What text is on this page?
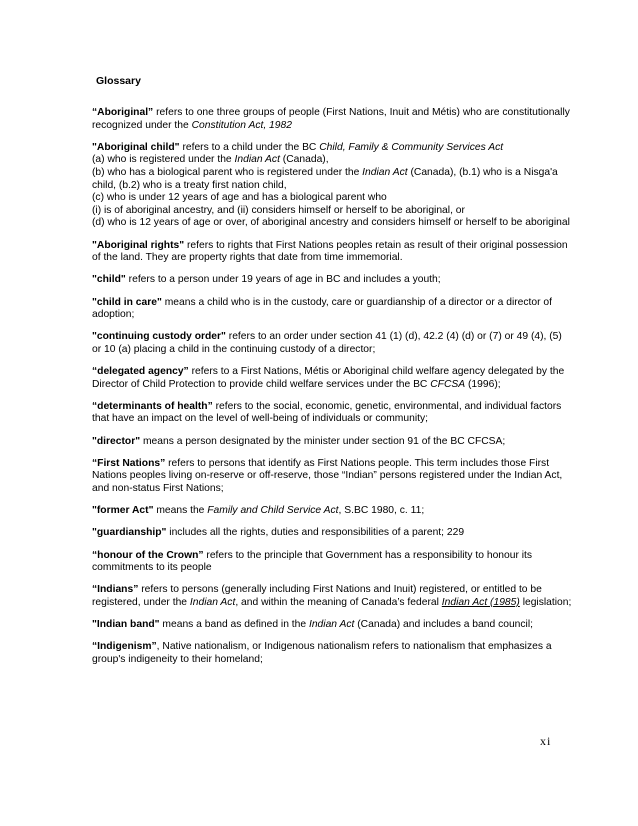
Glossary

“Aboriginal” refers to one three groups of people (First Nations, Inuit and Métis) who are constitutionally recognized under the Constitution Act, 1982

"Aboriginal child" refers to a child under the BC Child, Family & Community Services Act
(a) who is registered under the Indian Act (Canada),
(b) who has a biological parent who is registered under the Indian Act (Canada), (b.1) who is a Nisga'a child, (b.2) who is a treaty first nation child,
(c) who is under 12 years of age and has a biological parent who
(i) is of aboriginal ancestry, and (ii) considers himself or herself to be aboriginal, or
(d) who is 12 years of age or over, of aboriginal ancestry and considers himself or herself to be aboriginal

"Aboriginal rights" refers to rights that First Nations peoples retain as result of their original possession of the land. They are property rights that date from time immemorial.

"child" refers to a person under 19 years of age in BC and includes a youth;

"child in care" means a child who is in the custody, care or guardianship of a director or a director of adoption;

"continuing custody order" refers to an order under section 41 (1) (d), 42.2 (4) (d) or (7) or 49 (4), (5) or 10 (a) placing a child in the continuing custody of a director;

“delegated agency” refers to a First Nations, Métis or Aboriginal child welfare agency delegated by the Director of Child Protection to provide child welfare services under the BC CFCSA (1996);

“determinants of health” refers to the social, economic, genetic, environmental, and individual factors that have an impact on the level of well-being of individuals or community;

"director" means a person designated by the minister under section 91 of the BC CFCSA;

“First Nations” refers to persons that identify as First Nations people. This term includes those First Nations peoples living on-reserve or off-reserve, those “Indian” persons registered under the Indian Act, and non-status First Nations;

"former Act" means the Family and Child Service Act, S.BC 1980, c. 11;

"guardianship" includes all the rights, duties and responsibilities of a parent; 229

“honour of the Crown” refers to the principle that Government has a responsibility to honour its commitments to its people

“Indians” refers to persons (generally including First Nations and Inuit) registered, or entitled to be registered, under the Indian Act, and within the meaning of Canada’s federal Indian Act (1985) legislation;

"Indian band" means a band as defined in the Indian Act (Canada) and includes a band council;

“Indigenism”, Native nationalism, or Indigenous nationalism refers to nationalism that emphasizes a group's indigeneity to their homeland;

xi
